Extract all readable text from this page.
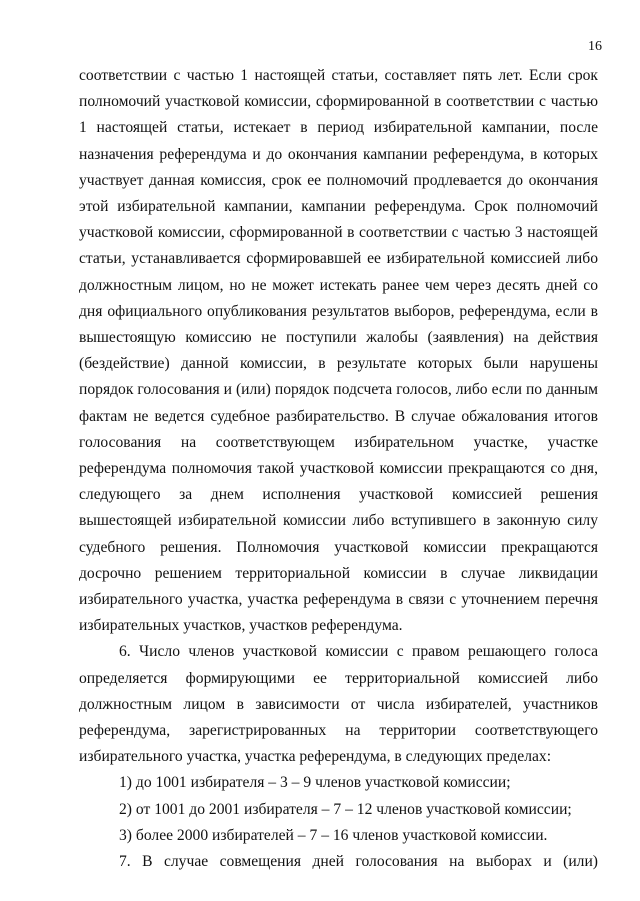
16

соответствии с частью 1 настоящей статьи, составляет пять лет. Если срок полномочий участковой комиссии, сформированной в соответствии с частью 1 настоящей статьи, истекает в период избирательной кампании, после назначения референдума и до окончания кампании референдума, в которых участвует данная комиссия, срок ее полномочий продлевается до окончания этой избирательной кампании, кампании референдума. Срок полномочий участковой комиссии, сформированной в соответствии с частью 3 настоящей статьи, устанавливается сформировавшей ее избирательной комиссией либо должностным лицом, но не может истекать ранее чем через десять дней со дня официального опубликования результатов выборов, референдума, если в вышестоящую комиссию не поступили жалобы (заявления) на действия (бездействие) данной комиссии, в результате которых были нарушены порядок голосования и (или) порядок подсчета голосов, либо если по данным фактам не ведется судебное разбирательство. В случае обжалования итогов голосования на соответствующем избирательном участке, участке референдума полномочия такой участковой комиссии прекращаются со дня, следующего за днем исполнения участковой комиссией решения вышестоящей избирательной комиссии либо вступившего в законную силу судебного решения. Полномочия участковой комиссии прекращаются досрочно решением территориальной комиссии в случае ликвидации избирательного участка, участка референдума в связи с уточнением перечня избирательных участков, участков референдума.

6. Число членов участковой комиссии с правом решающего голоса определяется формирующими ее территориальной комиссией либо должностным лицом в зависимости от числа избирателей, участников референдума, зарегистрированных на территории соответствующего избирательного участка, участка референдума, в следующих пределах:

1) до 1001 избирателя – 3 – 9 членов участковой комиссии;

2) от 1001 до 2001 избирателя – 7 – 12 членов участковой комиссии;

3) более 2000 избирателей – 7 – 16 членов участковой комиссии.

7. В случае совмещения дней голосования на выборах и (или)
